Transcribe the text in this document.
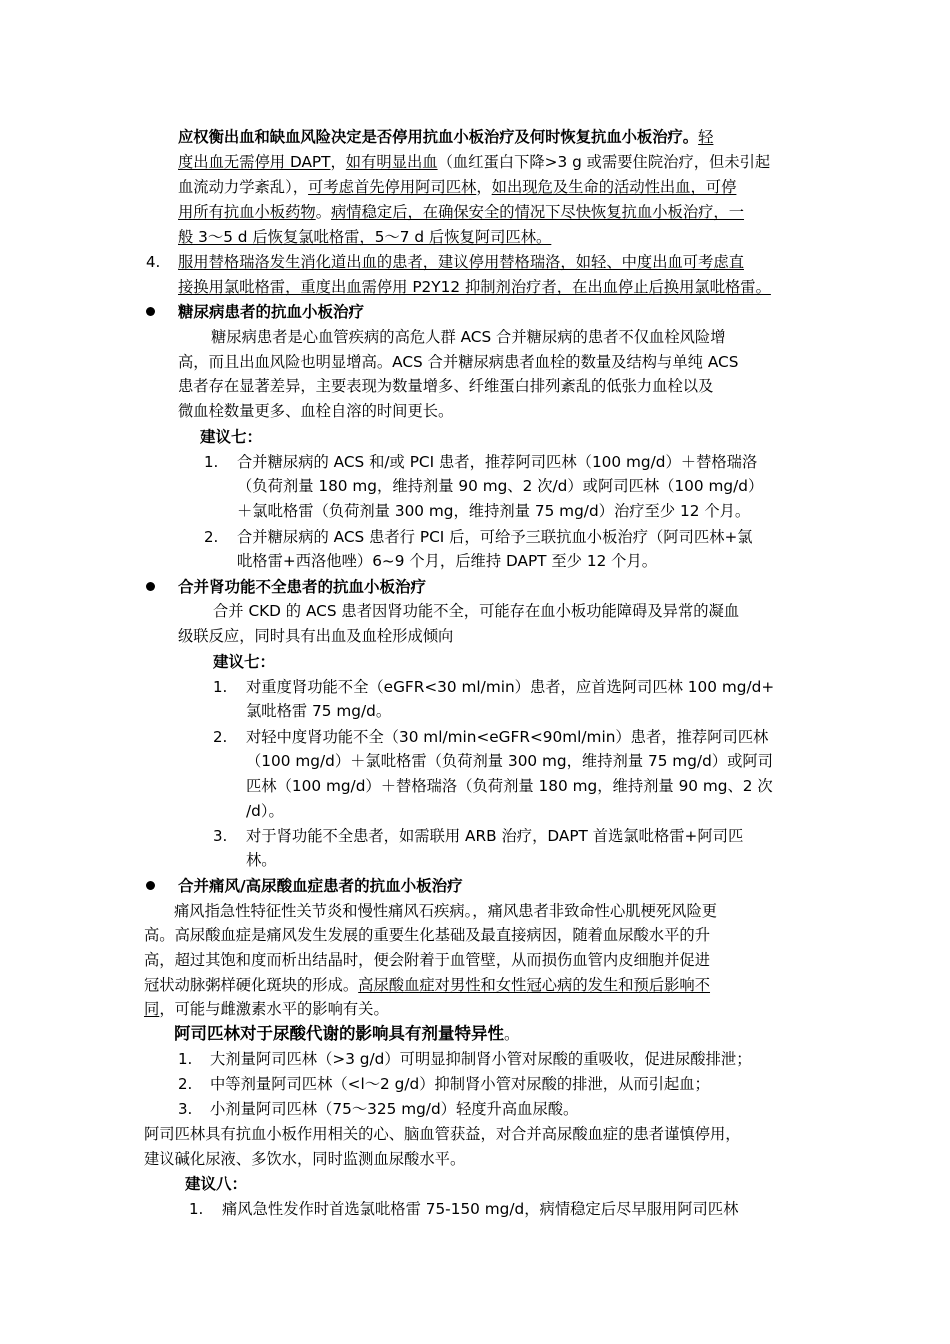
应权衡出血和缺血风险决定是否停用抗血小板治疗及何时恢复抗血小板治疗。轻
度出血无需停用 DAPT，如有明显出血（血红蛋白下降>3 g 或需要住院治疗，但未引起
血流动力学紊乱），可考虑首先停用阿司匹林，如出现危及生命的活动性出血，可停
用所有抗血小板药物。病情稳定后，在确保安全的情况下尽快恢复抗血小板治疗，一
般 3～5 d 后恢复氯吡格雷，5～7 d 后恢复阿司匹林。
4. 服用替格瑞洛发生消化道出血的患者，建议停用替格瑞洛，如轻、中度出血可考虑直
接换用氯吡格雷，重度出血需停用 P2Y12 抑制剂治疗者，在出血停止后换用氯吡格雷。
糖尿病患者的抗血小板治疗
糖尿病患者是心血管疾病的高危人群 ACS 合并糖尿病的患者不仅血栓风险增
高，而且出血风险也明显增高。ACS 合并糖尿病患者血栓的数量及结构与单纯 ACS
患者存在显著差异，主要表现为数量增多、纤维蛋白排列紊乱的低张力血栓以及
微血栓数量更多、血栓自溶的时间更长。
建议七：
1. 合并糖尿病的 ACS 和/或 PCI 患者，推荐阿司匹林（100 mg/d）＋替格瑞洛
（负荷剂量 180 mg，维持剂量 90 mg、2 次/d）或阿司匹林（100 mg/d）
＋氯吡格雷（负荷剂量 300 mg，维持剂量 75 mg/d）治疗至少 12 个月。
2. 合并糖尿病的 ACS 患者行 PCI 后，可给予三联抗血小板治疗（阿司匹林+氯
吡格雷+西洛他唑）6~9 个月，后维持 DAPT 至少 12 个月。
合并肾功能不全患者的抗血小板治疗
合并 CKD 的 ACS 患者因肾功能不全，可能存在血小板功能障碍及异常的凝血
级联反应，同时具有出血及血栓形成倾向
建议七：
1. 对重度肾功能不全（eGFR<30 ml/min）患者，应首选阿司匹林 100 mg/d+
氯吡格雷 75 mg/d。
2. 对轻中度肾功能不全（30 ml/min<eGFR<90ml/min）患者，推荐阿司匹林
（100 mg/d）＋氯吡格雷（负荷剂量 300 mg，维持剂量 75 mg/d）或阿司
匹林（100 mg/d）＋替格瑞洛（负荷剂量 180 mg，维持剂量 90 mg、2 次
/d）。
3. 对于肾功能不全患者，如需联用 ARB 治疗，DAPT 首选氯吡格雷+阿司匹
林。
合并痛风/高尿酸血症患者的抗血小板治疗
痛风指急性特征性关节炎和慢性痛风石疾病。，痛风患者非致命性心肌梗死风险更
高。高尿酸血症是痛风发生发展的重要生化基础及最直接病因，随着血尿酸水平的升
高，超过其饱和度而析出结晶时，便会附着于血管壁，从而损伤血管内皮细胞并促进
冠状动脉粥样硬化斑块的形成。高尿酸血症对男性和女性冠心病的发生和预后影响不
同，可能与雌激素水平的影响有关。
阿司匹林对于尿酸代谢的影响具有剂量特异性。
1. 大剂量阿司匹林（>3 g/d）可明显抑制肾小管对尿酸的重吸收，促进尿酸排泄；
2. 中等剂量阿司匹林（<l～2 g/d）抑制肾小管对尿酸的排泄，从而引起血；
3. 小剂量阿司匹林（75～325 mg/d）轻度升高血尿酸。
阿司匹林具有抗血小板作用相关的心、脑血管获益，对合并高尿酸血症的患者谨慎停用，
建议碱化尿液、多饮水，同时监测血尿酸水平。
建议八：
1. 痛风急性发作时首选氯吡格雷 75-150 mg/d，病情稳定后尽早服用阿司匹林
